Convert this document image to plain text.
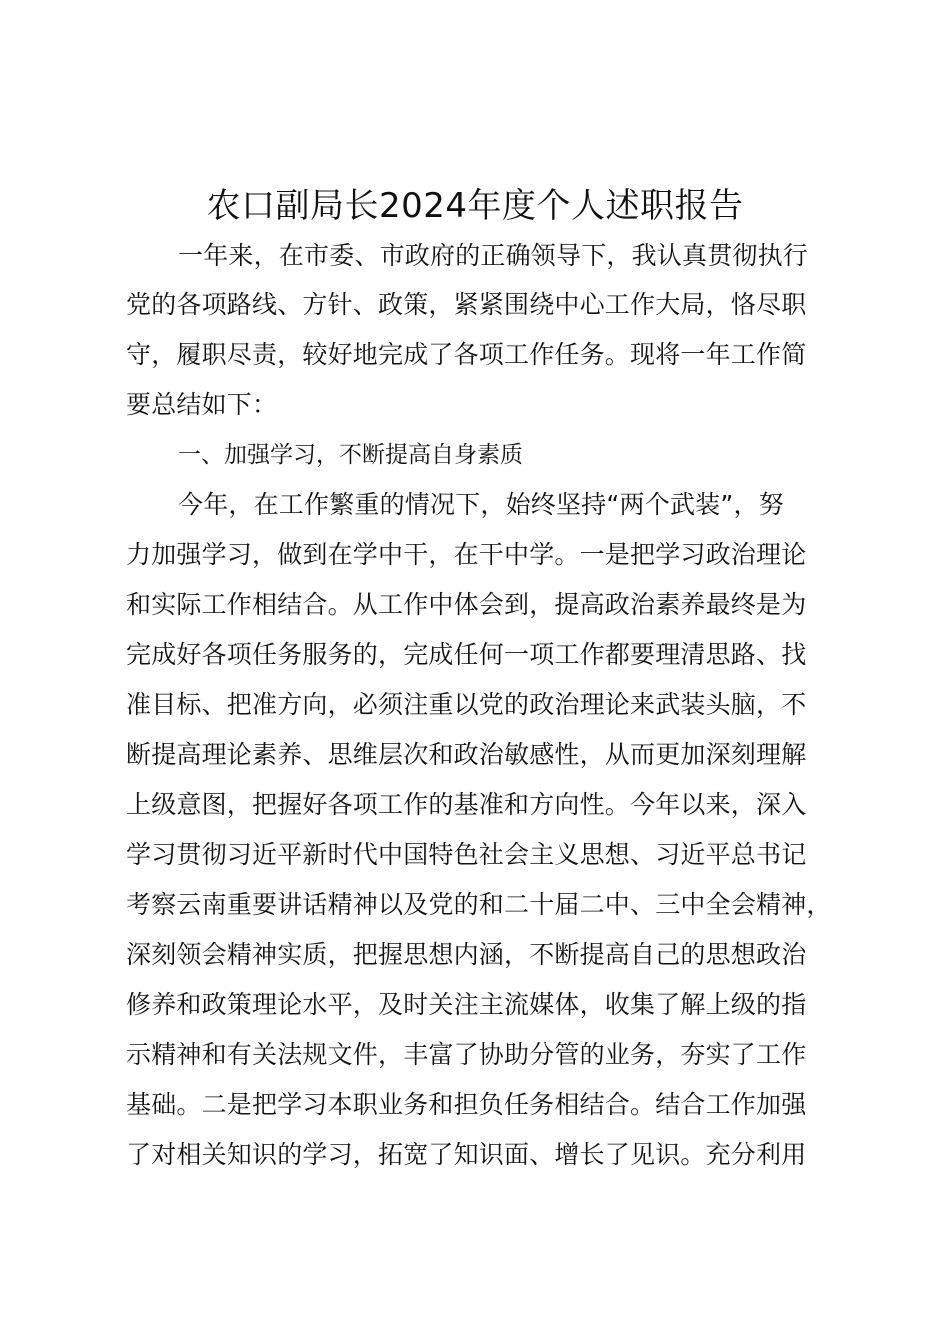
农口副局长2024年度个人述职报告
一年来，在市委、市政府的正确领导下，我认真贯彻执行
党的各项路线、方针、政策，紧紧围绕中心工作大局，恪尽职
守，履职尽责，较好地完成了各项工作任务。现将一年工作简
要总结如下：
一、加强学习，不断提高自身素质
今年，在工作繁重的情况下，始终坚持“两个武装”，努
力加强学习，做到在学中干，在干中学。一是把学习政治理论
和实际工作相结合。从工作中体会到，提高政治素养最终是为
完成好各项任务服务的，完成任何一项工作都要理清思路、找
准目标、把准方向，必须注重以党的政治理论来武装头脑，不
断提高理论素养、思维层次和政治敏感性，从而更加深刻理解
上级意图，把握好各项工作的基准和方向性。今年以来，深入
学习贯彻习近平新时代中国特色社会主义思想、习近平总书记
考察云南重要讲话精神以及党的和二十届二中、三中全会精神，
深刻领会精神实质，把握思想内涵，不断提高自己的思想政治
修养和政策理论水平，及时关注主流媒体，收集了解上级的指
示精神和有关法规文件，丰富了协助分管的业务，夯实了工作
基础。二是把学习本职业务和担负任务相结合。结合工作加强
了对相关知识的学习，拓宽了知识面、增长了见识。充分利用
